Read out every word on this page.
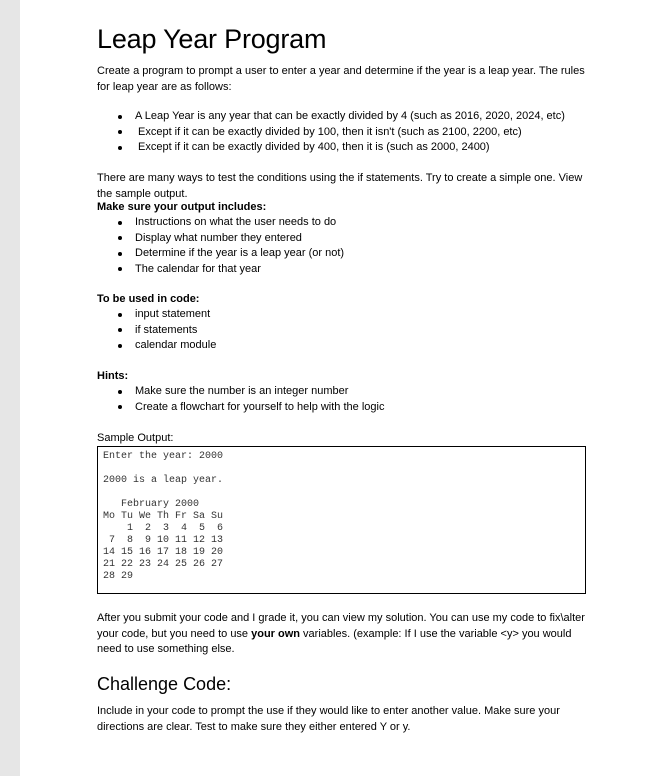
Leap Year Program

Create a program to prompt a user to enter a year and determine if the year is a leap year. The rules for leap year are as follows:

A Leap Year is any year that can be exactly divided by 4 (such as 2016, 2020, 2024, etc)
Except if it can be exactly divided by 100, then it isn't (such as 2100, 2200, etc)
Except if it can be exactly divided by 400, then it is (such as 2000, 2400)

There are many ways to test the conditions using the if statements. Try to create a simple one. View the sample output.

Make sure your output includes:

Instructions on what the user needs to do
Display what number they entered
Determine if the year is a leap year (or not)
The calendar for that year

To be used in code:

input statement
if statements
calendar module

Hints:

Make sure the number is an integer number
Create a flowchart for yourself to help with the logic

Sample Output:

Enter the year: 2000
2000 is a leap year.
February 2000
Mo Tu We Th Fr Sa Su
1  2  3  4  5  6
7  8  9 10 11 12 13
14 15 16 17 18 19 20
21 22 23 24 25 26 27
28 29

After you submit your code and I grade it, you can view my solution. You can use my code to fix\alter your code, but you need to use your own variables. (example: If I use the variable <y> you would need to use something else.

Challenge Code:

Include in your code to prompt the use if they would like to enter another value. Make sure your directions are clear. Test to make sure they either entered Y or y.
